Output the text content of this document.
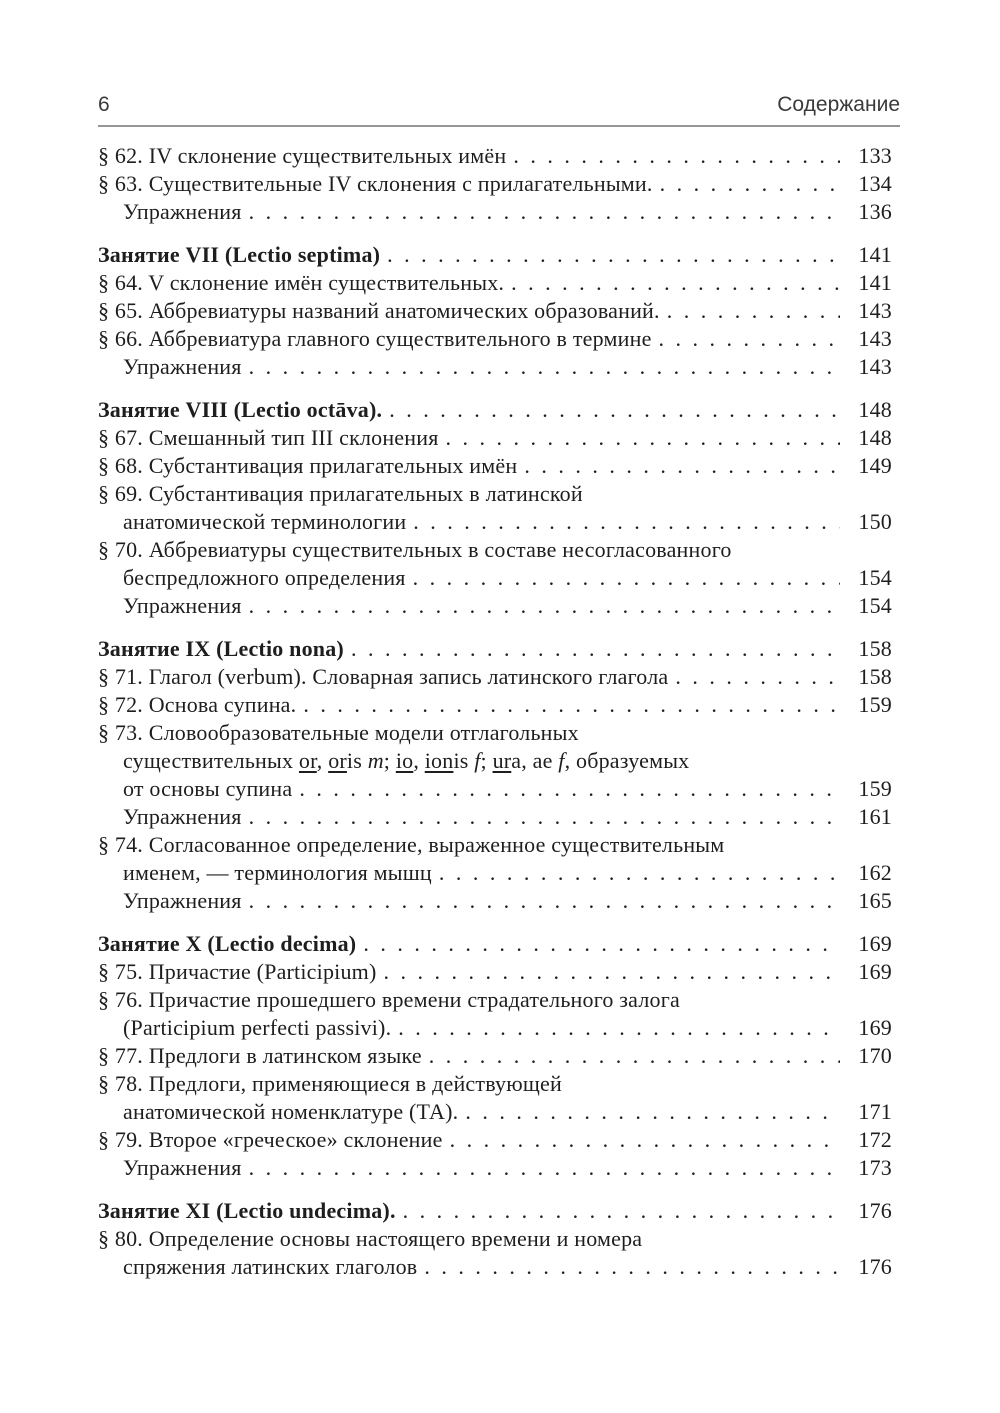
6	Содержание
§ 62. IV склонение существительных имён . . .	133
§ 63. Существительные IV склонения с прилагательными. . . .	134
Упражнения . . .	136
Занятие VII (Lectio septima) . . .	141
§ 64. V склонение имён существительных. . . .	141
§ 65. Аббревиатуры названий анатомических образований. . . .	143
§ 66. Аббревиатура главного существительного в термине . . .	143
Упражнения . . .	143
Занятие VIII (Lectio octāva). . . .	148
§ 67. Смешанный тип III склонения . . .	148
§ 68. Субстантивация прилагательных имён . . .	149
§ 69. Субстантивация прилагательных в латинской
анатомической терминологии . . .	150
§ 70. Аббревиатуры существительных в составе несогласованного
беспредложного определения . . .	154
Упражнения . . .	154
Занятие IX (Lectio nona) . . .	158
§ 71. Глагол (verbum). Словарная запись латинского глагола . . .	158
§ 72. Основа супина. . . .	159
§ 73. Словообразовательные модели отглагольных
существительных or, oris m; io, ionis f; ura, ae f, образуемых
от основы супина . . .	159
Упражнения . . .	161
§ 74. Согласованное определение, выраженное существительным
именем, — терминология мышц . . .	162
Упражнения . . .	165
Занятие X (Lectio decima) . . .	169
§ 75. Причастие (Participium) . . .	169
§ 76. Причастие прошедшего времени страдательного залога
(Participium perfecti passivi). . . .	169
§ 77. Предлоги в латинском языке . . .	170
§ 78. Предлоги, применяющиеся в действующей
анатомической номенклатуре (ТА). . . .	171
§ 79. Второе «греческое» склонение . . .	172
Упражнения . . .	173
Занятие XI (Lectio undecima). . . .	176
§ 80. Определение основы настоящего времени и номера
спряжения латинских глаголов . . .	176
